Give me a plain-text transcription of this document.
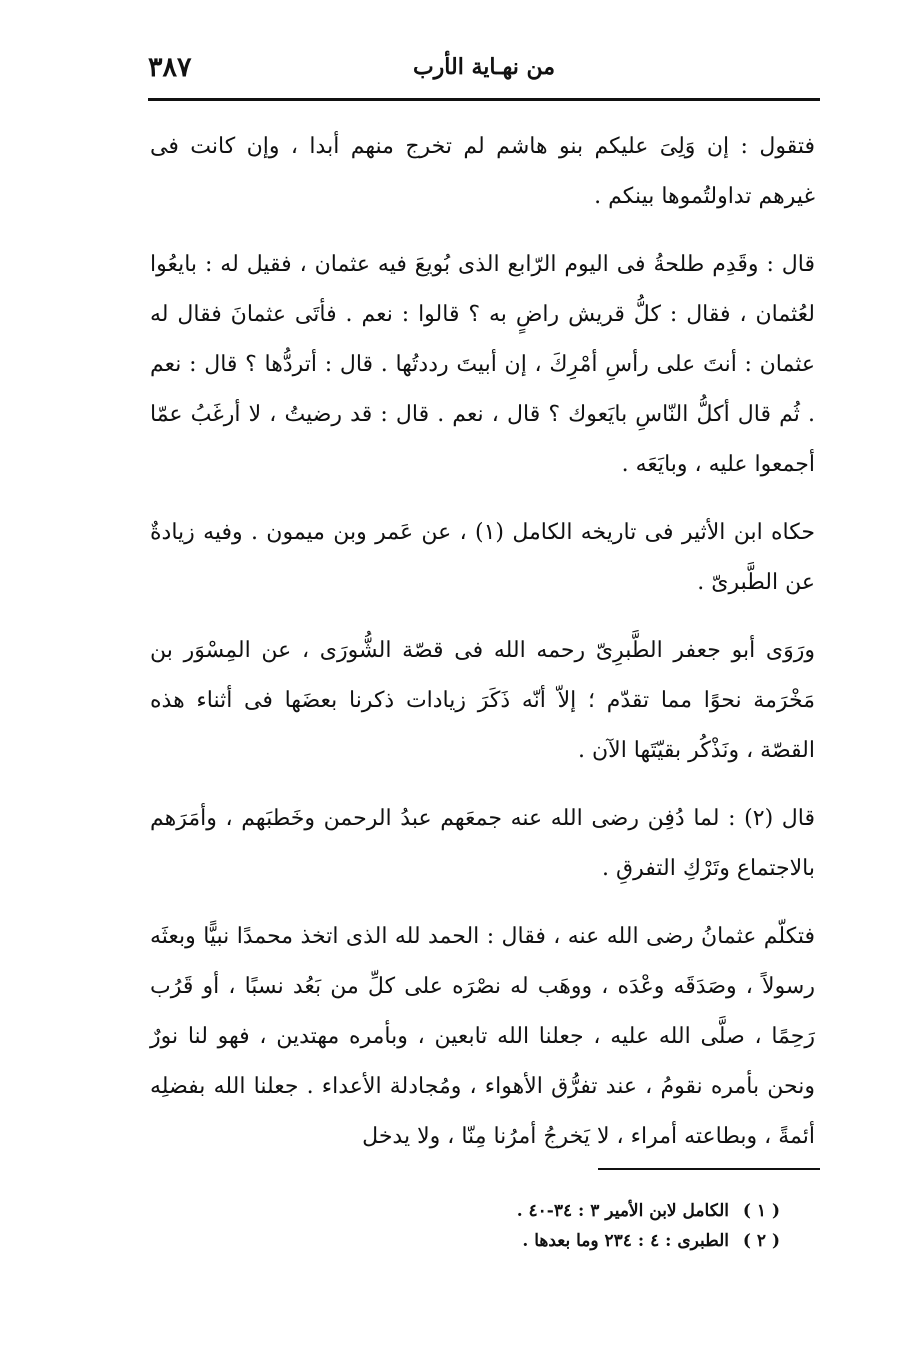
٣٨٧	من نهـاية الأرب

فتقول : إن وَلِىَ عليكم بنو هاشم لم تخرج منهم أبدا ، وإن كانت فى غيرهم تداولتُموها بينكم .

قال : وقَدِم طلحةُ فى اليوم الرّابع الذى بُويعَ فيه عثمان ، فقيل له : بايعُوا لعُثمان ، فقال : كلُّ قريش راضٍ به ؟ قالوا : نعم . فأتَى عثمانَ فقال له عثمان : أنتَ على رأسِ أمْرِكَ ، إن أبيتَ رددتُها . قال : أتردُّها ؟ قال : نعم . ثُم قال أكلُّ النّاسِ بايَعوك ؟ قال ، نعم . قال : قد رضيتُ ، لا أرغَبُ عمّا أجمعوا عليه ، وبايَعَه .

حكاه ابن الأثير فى تاريخه الكامل (١) ، عن عَمر وبن ميمون . وفيه زيادةٌ عن الطَّبرىّ .

ورَوَى أبو جعفر الطَّبرِىّ رحمه الله فى قصّة الشُّورَى ، عن المِسْوَر بن مَخْرَمة نحوًا مما تقدّم ؛ إلاّ أنّه ذَكَرَ زيادات ذكرنا بعضَها فى أثناء هذه القصّة ، ونَذْكُر بقيّتَها الآن .

قال (٢) : لما دُفِن رضى الله عنه جمعَهم عبدُ الرحمن وخَطبَهم ، وأمَرَهم بالاجتماع وتَرْكِ التفرقِ .

فتكلّم عثمانُ رضى الله عنه ، فقال : الحمد لله الذى اتخذ محمدًا نبيًّا وبعثَه رسولاً ، وصَدَقَه وعْدَه ، ووهَب له نصْرَه على كلِّ من بَعُد نسبًا ، أو قَرُب رَحِمًا ، صلَّى الله عليه ، جعلنا الله تابعين ، وبأمره مهتدين ، فهو لنا نورٌ ونحن بأمره نقومُ ، عند تفرُّق الأهواء ، ومُجادلة الأعداء . جعلنا الله بفضلِه أئمةً ، وبطاعته أمراء ، لا يَخرجُ أمرُنا مِنّا ، ولا يدخل

( ١ ) الكامل لابن الأمير ٣ : ٣٤-٤٠ .
( ٢ ) الطبرى : ٤ : ٢٣٤ وما بعدها .
